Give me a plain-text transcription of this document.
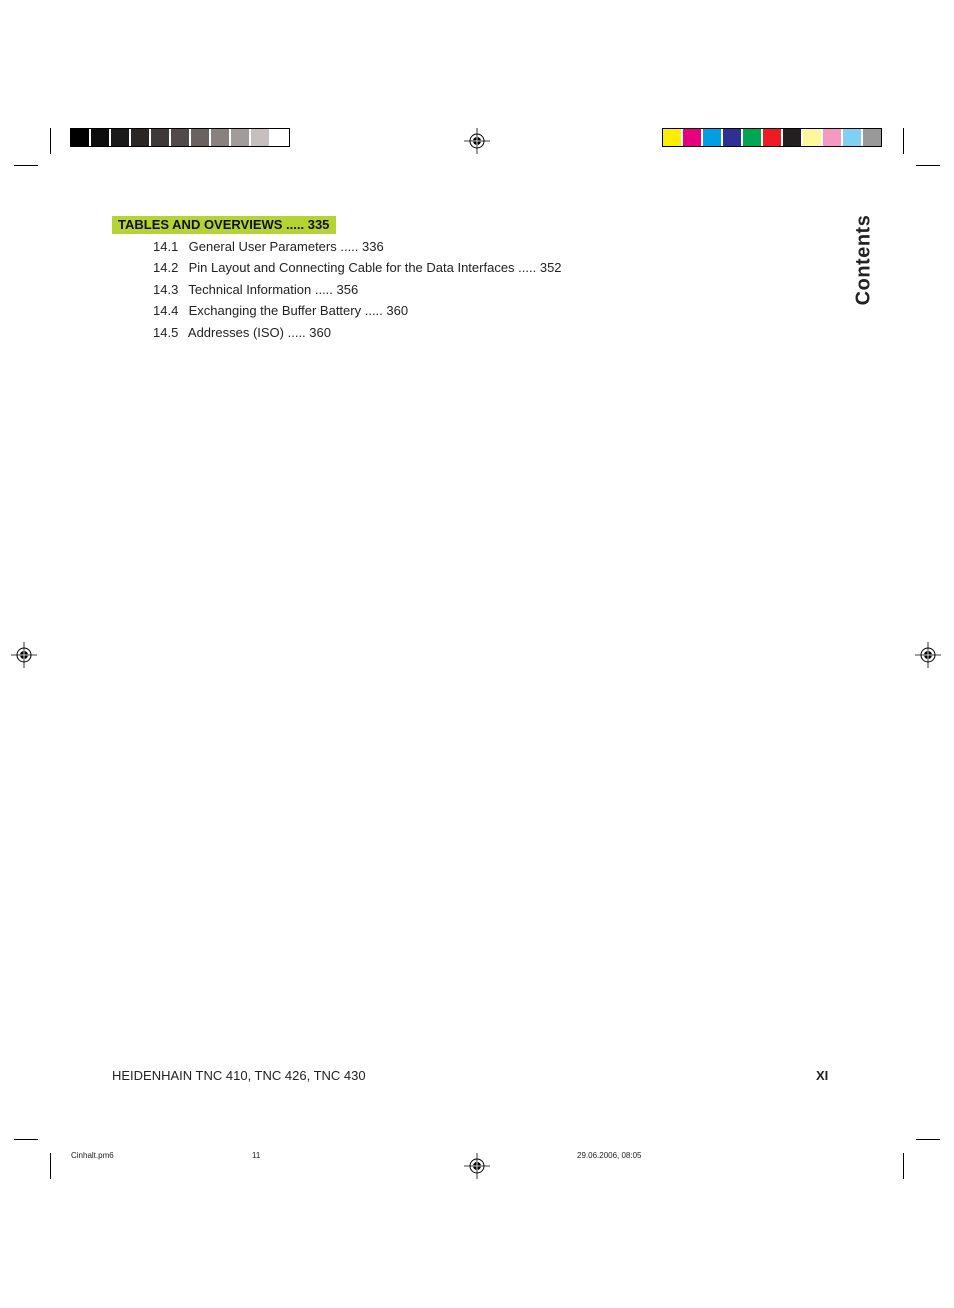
TABLES AND OVERVIEWS ..... 335
14.1 General User Parameters ..... 336
14.2 Pin Layout and Connecting Cable for the Data Interfaces ..... 352
14.3 Technical Information ..... 356
14.4 Exchanging the Buffer Battery ..... 360
14.5 Addresses (ISO) ..... 360
Contents
HEIDENHAIN TNC 410, TNC 426, TNC 430	XI
Cinhalt.pm6	11	29.06.2006, 08:05
